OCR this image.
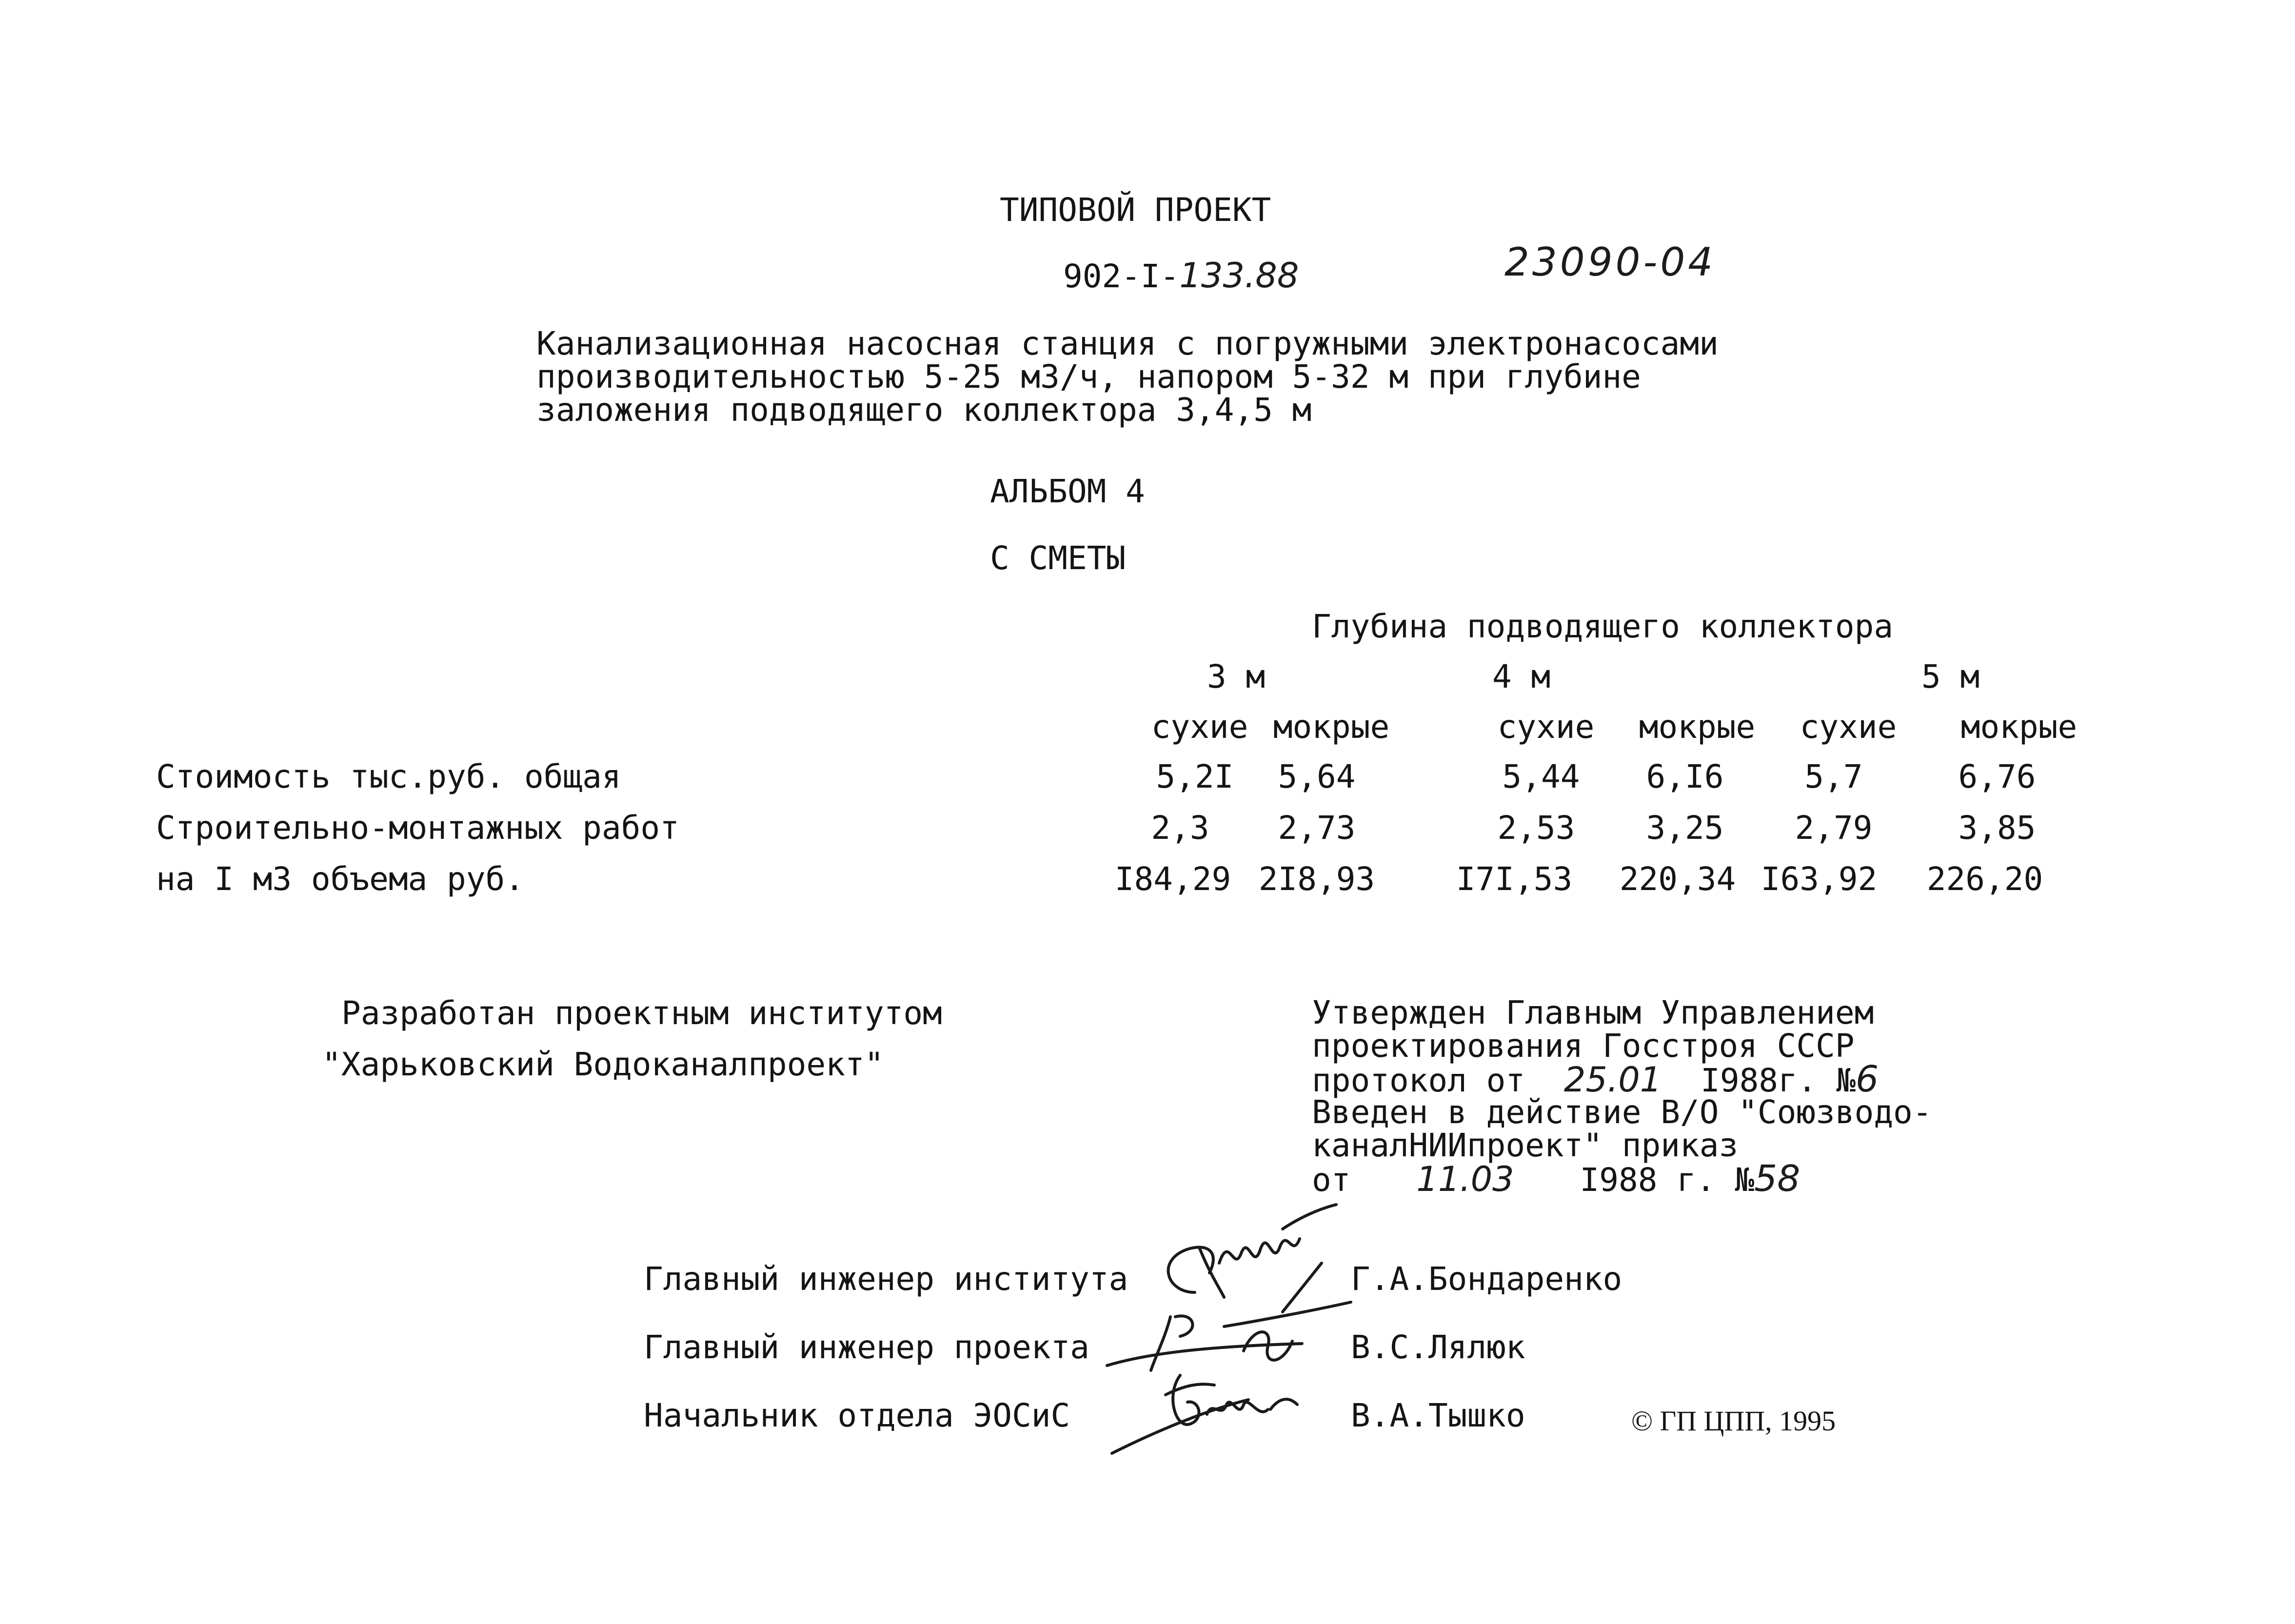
ТИПОВОЙ ПРОЕКТ
902-I-133.88	23090-04
Канализационная насосная станция с погружными электронасосами
производительностью 5-25 м3/ч, напором 5-32 м при глубине
заложения подводящего коллектора 3,4,5 м
АЛЬБОМ 4
С СМЕТЫ
Глубина подводящего коллектора
3 м	4 м	5 м
сухие мокрые	сухие	мокрые	сухие	мокрые
Стоимость тыс.руб. общая	5,2I	5,64	5,44	6,I6	5,7	6,76
Строительно-монтажных работ	2,3	2,73	2,53	3,25	2,79	3,85
на I м3 объема руб.	I84,29 2I8,93	I7I,53	220,34 I63,92	226,20
Разработан проектным институтом
"Харьковский Водоканалпроект"
Утвержден Главным Управлением
проектирования Госстроя СССР
протокол от 25.01 I988г. №6
Введен в действие В/О "Союзводо-
каналНИИпроект" приказ
от 11.03 I988 г. №58
Главный инженер института	Г.А.Бондаренко
Главный инженер проекта	В.С.Лялюк
Начальник отдела ЭОСиС	В.А.Тышко	© ГП ЦПП, 1995
